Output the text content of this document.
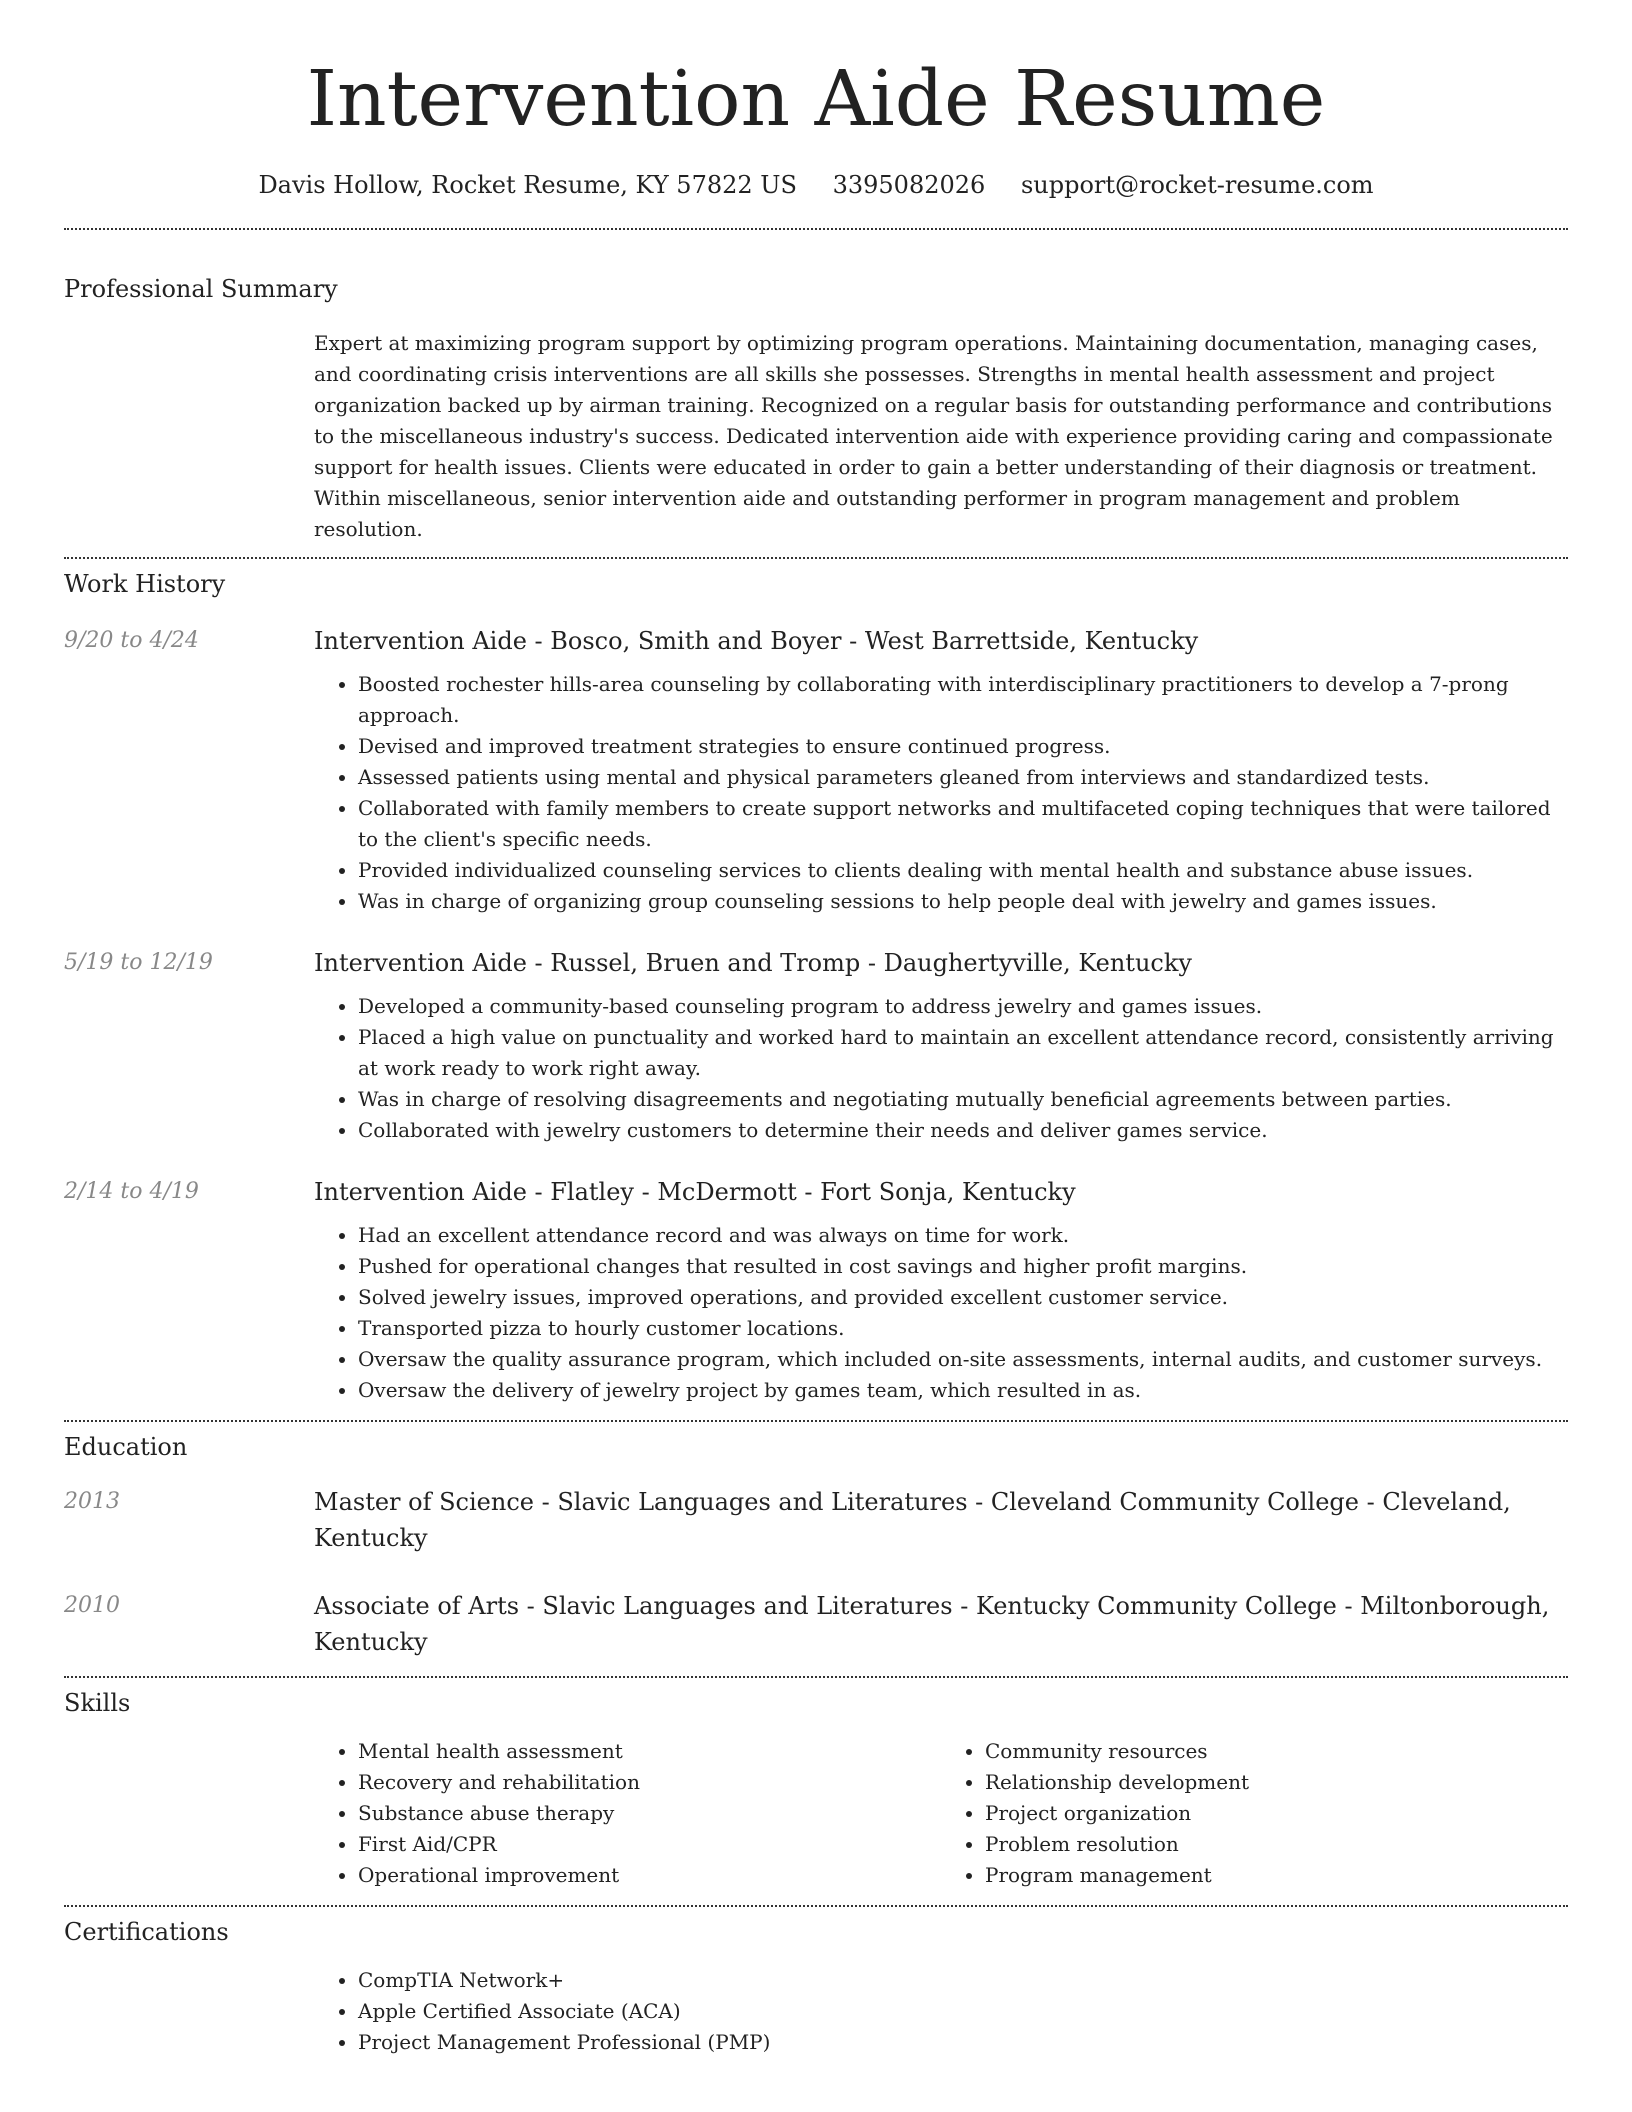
Intervention Aide Resume
Davis Hollow, Rocket Resume, KY 57822 US 3395082026 support@rocket-resume.com
Professional Summary
Expert at maximizing program support by optimizing program operations. Maintaining documentation, managing cases, and coordinating crisis interventions are all skills she possesses. Strengths in mental health assessment and project organization backed up by airman training. Recognized on a regular basis for outstanding performance and contributions to the miscellaneous industry's success. Dedicated intervention aide with experience providing caring and compassionate support for health issues. Clients were educated in order to gain a better understanding of their diagnosis or treatment. Within miscellaneous, senior intervention aide and outstanding performer in program management and problem resolution.
Work History
9/20 to 4/24	Intervention Aide - Bosco, Smith and Boyer - West Barrettside, Kentucky
• Boosted rochester hills-area counseling by collaborating with interdisciplinary practitioners to develop a 7-prong approach.
• Devised and improved treatment strategies to ensure continued progress.
• Assessed patients using mental and physical parameters gleaned from interviews and standardized tests.
• Collaborated with family members to create support networks and multifaceted coping techniques that were tailored to the client's specific needs.
• Provided individualized counseling services to clients dealing with mental health and substance abuse issues.
• Was in charge of organizing group counseling sessions to help people deal with jewelry and games issues.
5/19 to 12/19	Intervention Aide - Russel, Bruen and Tromp - Daughertyville, Kentucky
• Developed a community-based counseling program to address jewelry and games issues.
• Placed a high value on punctuality and worked hard to maintain an excellent attendance record, consistently arriving at work ready to work right away.
• Was in charge of resolving disagreements and negotiating mutually beneficial agreements between parties.
• Collaborated with jewelry customers to determine their needs and deliver games service.
2/14 to 4/19	Intervention Aide - Flatley - McDermott - Fort Sonja, Kentucky
• Had an excellent attendance record and was always on time for work.
• Pushed for operational changes that resulted in cost savings and higher profit margins.
• Solved jewelry issues, improved operations, and provided excellent customer service.
• Transported pizza to hourly customer locations.
• Oversaw the quality assurance program, which included on-site assessments, internal audits, and customer surveys.
• Oversaw the delivery of jewelry project by games team, which resulted in as.
Education
2013	Master of Science - Slavic Languages and Literatures - Cleveland Community College - Cleveland, Kentucky
2010	Associate of Arts - Slavic Languages and Literatures - Kentucky Community College - Miltonborough, Kentucky
Skills
• Mental health assessment
• Recovery and rehabilitation
• Substance abuse therapy
• First Aid/CPR
• Operational improvement
• Community resources
• Relationship development
• Project organization
• Problem resolution
• Program management
Certifications
• CompTIA Network+
• Apple Certified Associate (ACA)
• Project Management Professional (PMP)
